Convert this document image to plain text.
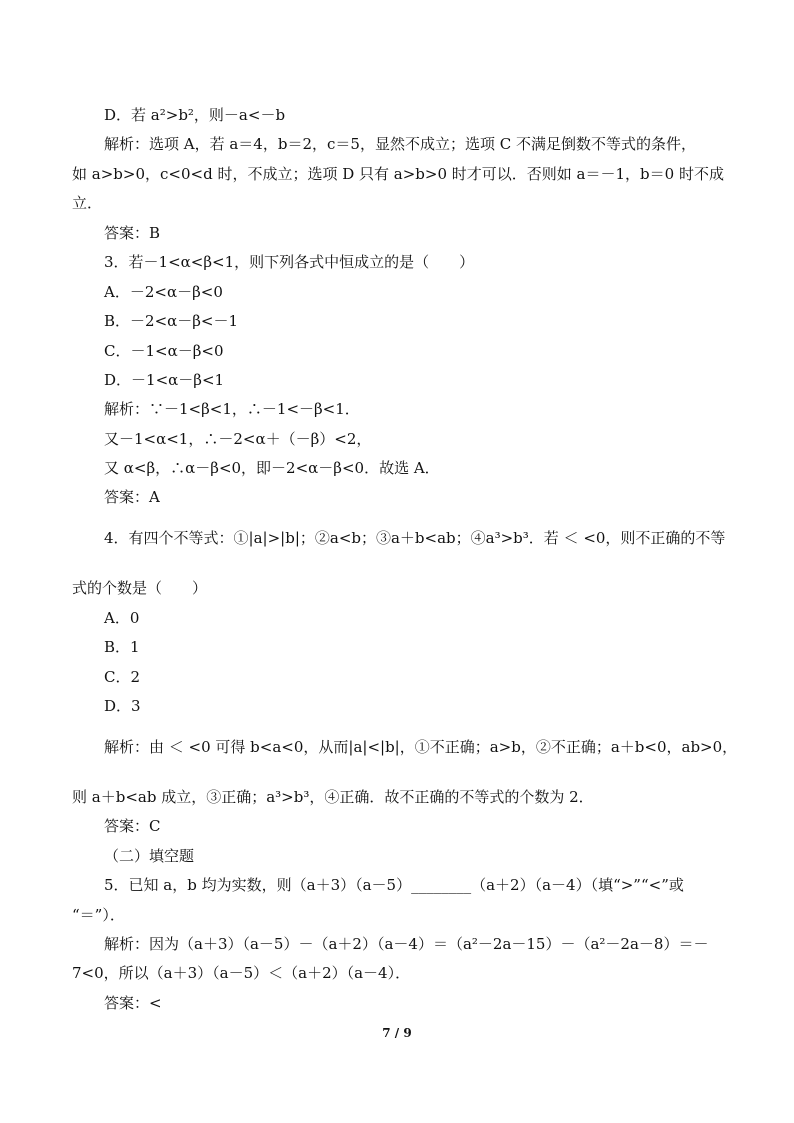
D．若 a²>b²，则－a<－b
解析：选项 A，若 a＝4，b＝2，c＝5，显然不成立；选项 C 不满足倒数不等式的条件，
如 a>b>0，c<0<d 时，不成立；选项 D 只有 a>b>0 时才可以．否则如 a＝－1，b＝0 时不成
立．
答案：B
3．若－1<α<β<1，则下列各式中恒成立的是（　　）
A．－2<α－β<0
B．－2<α－β<－1
C．－1<α－β<0
D．－1<α－β<1
解析：∵－1<β<1，∴－1<－β<1．
又－1<α<1，∴－2<α＋（－β）<2，
又 α<β，∴α－β<0，即－2<α－β<0．故选 A．
答案：A
4．有四个不等式：①|a|>|b|；②a<b；③a＋b<ab；④a³>b³．若 ＜ <0，则不正确的不等
式的个数是（　　）
A．0
B．1
C．2
D．3
解析：由 ＜ <0 可得 b<a<0，从而|a|<|b|，①不正确；a>b，②不正确；a＋b<0，ab>0，
则 a＋b<ab 成立，③正确；a³>b³，④正确．故不正确的不等式的个数为 2．
答案：C
（二）填空题
5．已知 a，b 均为实数，则（a＋3）（a－5）________（a＋2）（a－4）（填“>”“<”或
“＝”）．
解析：因为（a＋3）（a－5）－（a＋2）（a－4）＝（a²－2a－15）－（a²－2a－8）＝－
7<0，所以（a＋3）（a－5）＜（a＋2）（a－4）．
答案：<
7 / 9
